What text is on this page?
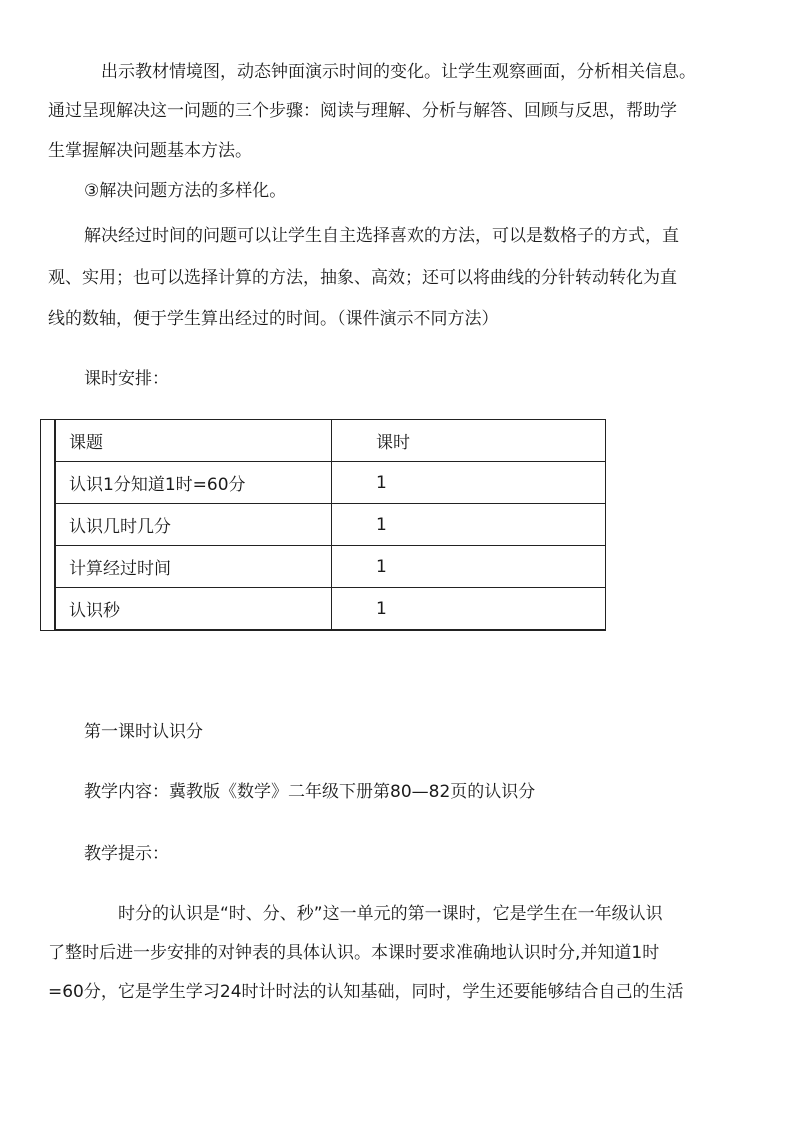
　出示教材情境图，动态钟面演示时间的变化。让学生观察画面，分析相关信息。
通过呈现解决这一问题的三个步骤：阅读与理解、分析与解答、回顾与反思，帮助学
生掌握解决问题基本方法。
③解决问题方法的多样化。
解决经过时间的问题可以让学生自主选择喜欢的方法，可以是数格子的方式，直
观、实用；也可以选择计算的方法，抽象、高效；还可以将曲线的分针转动转化为直
线的数轴，便于学生算出经过的时间。（课件演示不同方法）
课时安排：
	课题	课时
	认识1分知道1时=60分	1
	认识几时几分	1
	计算经过时间	1
	认识秒	1
第一课时认识分
教学内容：冀教版《数学》二年级下册第80—82页的认识分
教学提示：
　　时分的认识是“时、分、秒”这一单元的第一课时，它是学生在一年级认识
了整时后进一步安排的对钟表的具体认识。本课时要求准确地认识时分,并知道1时
=60分，它是学生学习24时计时法的认知基础，同时，学生还要能够结合自己的生活
